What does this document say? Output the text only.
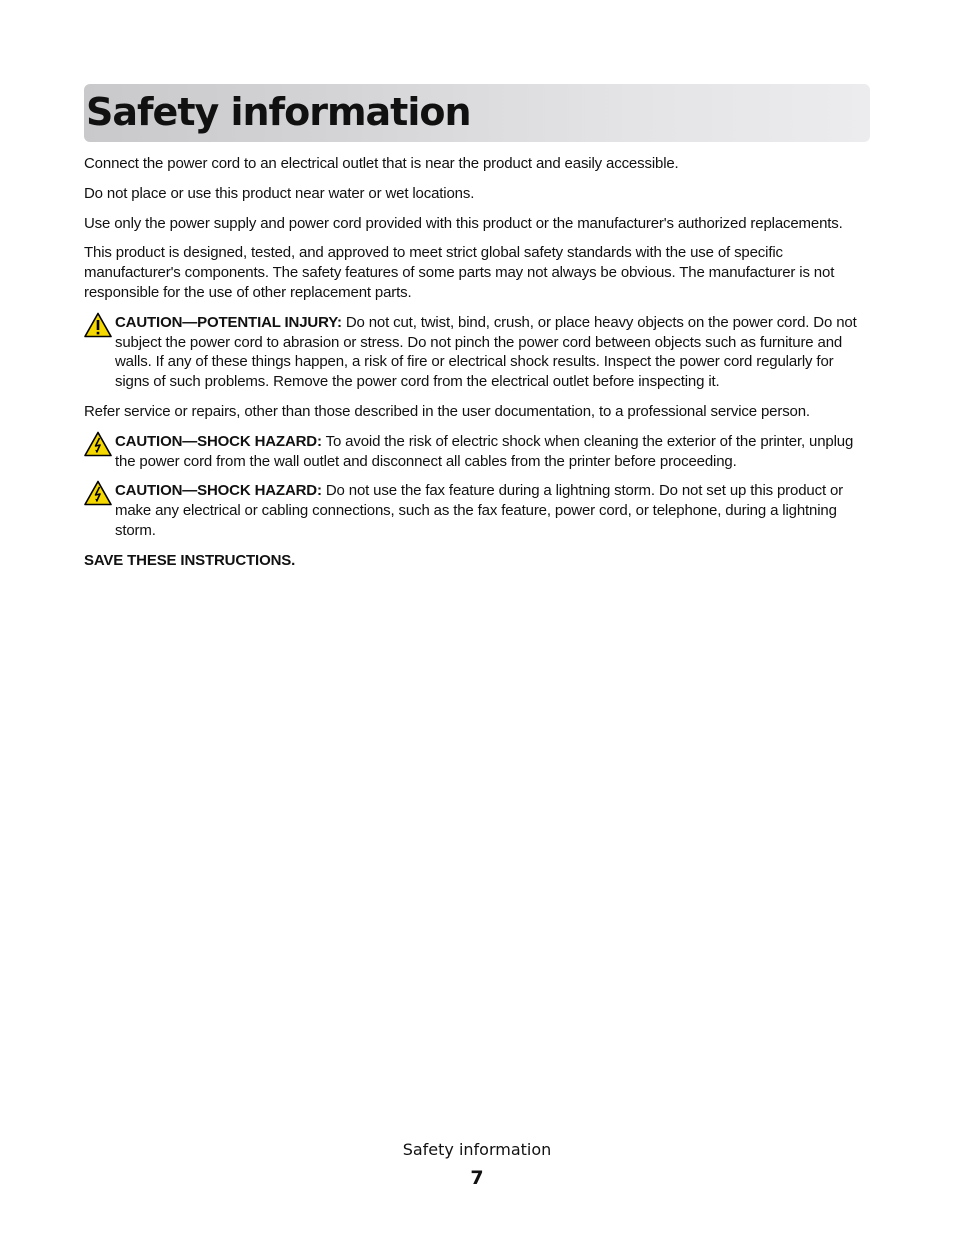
Safety information

Connect the power cord to an electrical outlet that is near the product and easily accessible.

Do not place or use this product near water or wet locations.

Use only the power supply and power cord provided with this product or the manufacturer's authorized replacements.

This product is designed, tested, and approved to meet strict global safety standards with the use of specific manufacturer's components. The safety features of some parts may not always be obvious. The manufacturer is not responsible for the use of other replacement parts.

CAUTION—POTENTIAL INJURY: Do not cut, twist, bind, crush, or place heavy objects on the power cord. Do not subject the power cord to abrasion or stress. Do not pinch the power cord between objects such as furniture and walls. If any of these things happen, a risk of fire or electrical shock results. Inspect the power cord regularly for signs of such problems. Remove the power cord from the electrical outlet before inspecting it.

Refer service or repairs, other than those described in the user documentation, to a professional service person.

CAUTION—SHOCK HAZARD: To avoid the risk of electric shock when cleaning the exterior of the printer, unplug the power cord from the wall outlet and disconnect all cables from the printer before proceeding.

CAUTION—SHOCK HAZARD: Do not use the fax feature during a lightning storm. Do not set up this product or make any electrical or cabling connections, such as the fax feature, power cord, or telephone, during a lightning storm.

SAVE THESE INSTRUCTIONS.

Safety information
7
